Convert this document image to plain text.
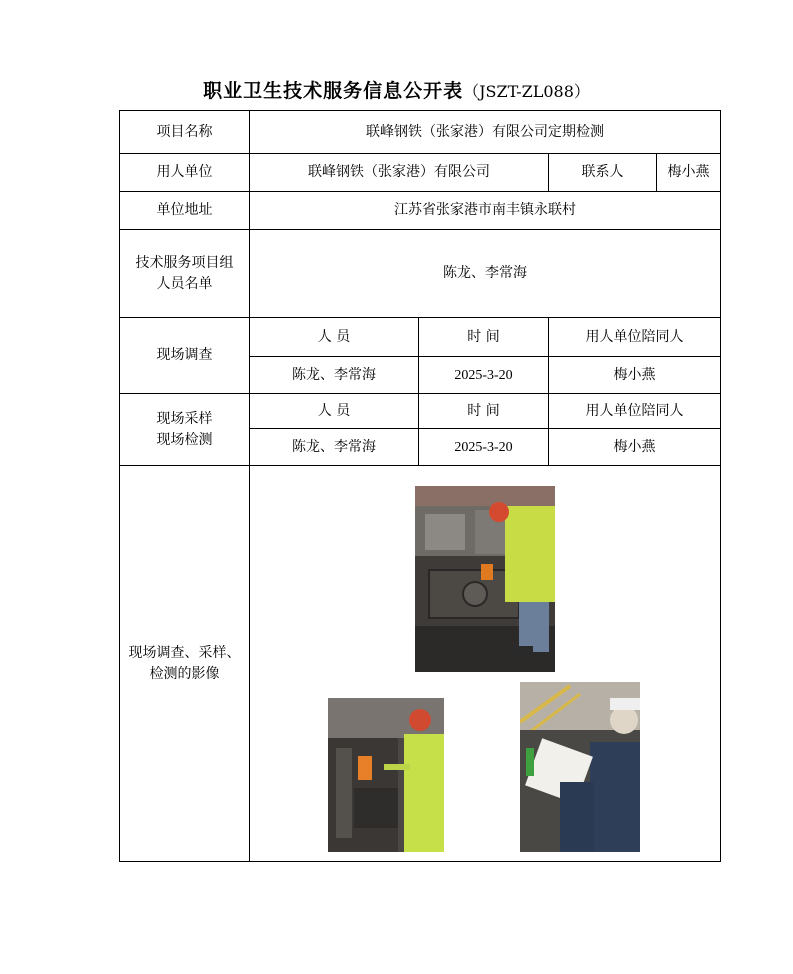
职业卫生技术服务信息公开表（JSZT-ZL088）
项目名称	联峰钢铁（张家港）有限公司定期检测			
用人单位	联峰钢铁（张家港）有限公司		联系人	梅小燕
单位地址	江苏省张家港市南丰镇永联村			

技术服务项目组
人员名单	陈龙、李常海			
现场调查	人 员	时 间	用人单位陪同人	
	陈龙、李常海	2025-3-20	梅小燕	

现场采样
现场检测	人 员	时 间	用人单位陪同人	
	陈龙、李常海	2025-3-20	梅小燕	

现场调查、采样、
检测的影像
